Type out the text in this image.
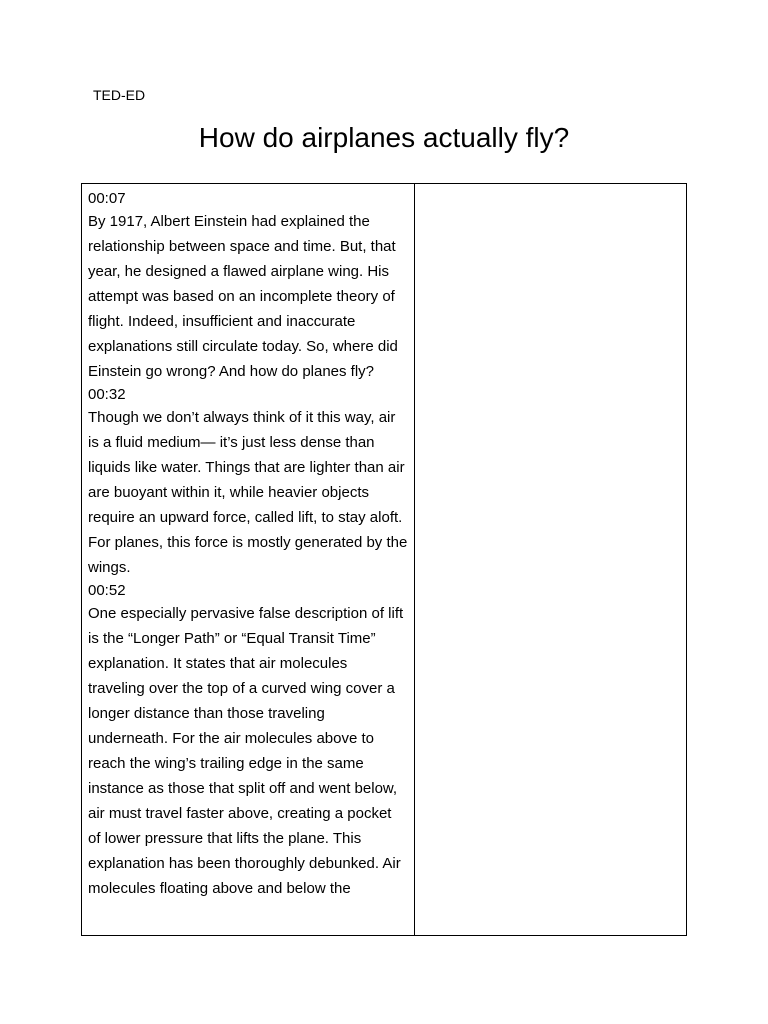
TED-ED
How do airplanes actually fly?
00:07
By 1917, Albert Einstein had explained the relationship between space and time. But, that year, he designed a flawed airplane wing. His attempt was based on an incomplete theory of flight. Indeed, insufficient and inaccurate explanations still circulate today. So, where did Einstein go wrong? And how do planes fly?
00:32
Though we don’t always think of it this way, air is a fluid medium— it’s just less dense than liquids like water. Things that are lighter than air are buoyant within it, while heavier objects require an upward force, called lift, to stay aloft. For planes, this force is mostly generated by the wings.
00:52
One especially pervasive false description of lift is the “Longer Path” or “Equal Transit Time” explanation. It states that air molecules traveling over the top of a curved wing cover a longer distance than those traveling underneath. For the air molecules above to reach the wing’s trailing edge in the same instance as those that split off and went below, air must travel faster above, creating a pocket of lower pressure that lifts the plane. This explanation has been thoroughly debunked. Air molecules floating above and below the
